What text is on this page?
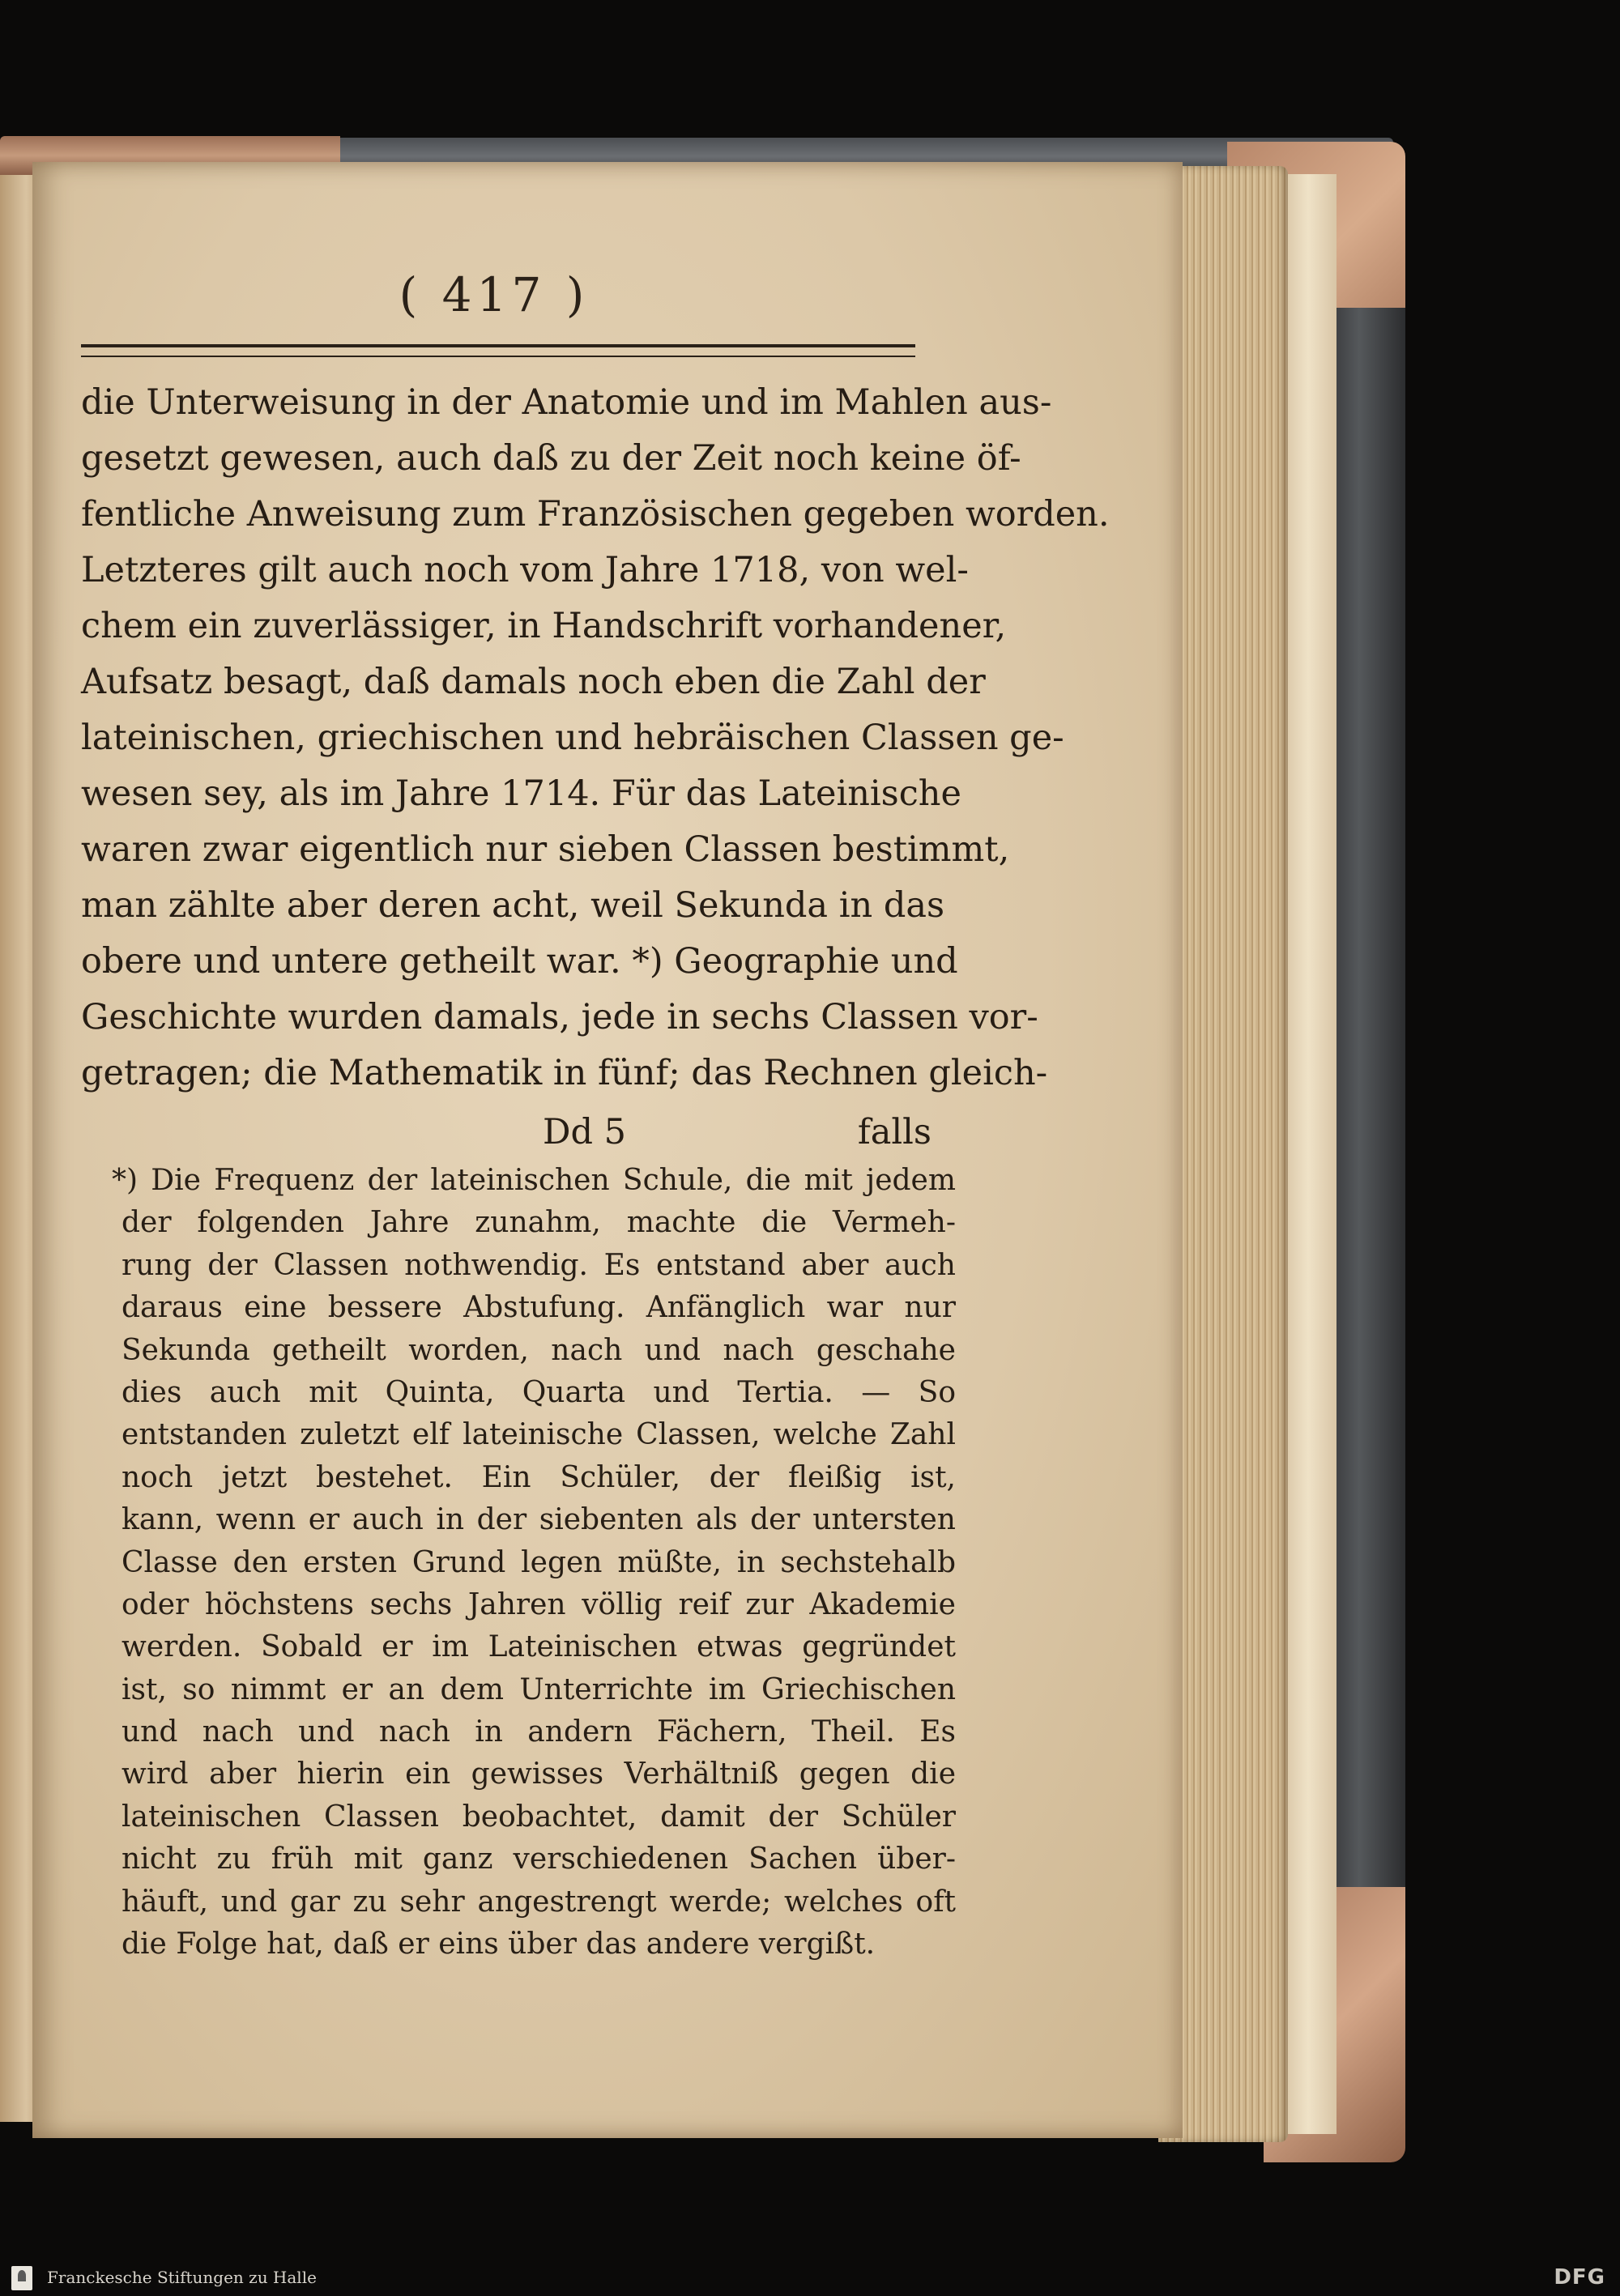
( 417 )
die Unterweisung in der Anatomie und im Mahlen aus-
gesetzt gewesen, auch daß zu der Zeit noch keine öf-
fentliche Anweisung zum Französischen gegeben worden.
Letzteres gilt auch noch vom Jahre 1718, von wel-
chem ein zuverlässiger, in Handschrift vorhandener,
Aufsatz besagt, daß damals noch eben die Zahl der
lateinischen, griechischen und hebräischen Classen ge-
wesen sey, als im Jahre 1714. Für das Lateinische
waren zwar eigentlich nur sieben Classen bestimmt,
man zählte aber deren acht, weil Sekunda in das
obere und untere getheilt war. *) Geographie und
Geschichte wurden damals, jede in sechs Classen vor-
getragen; die Mathematik in fünf; das Rechnen gleich-
Dd 5	falls
*) Die Frequenz der lateinischen Schule, die mit jedem
der folgenden Jahre zunahm, machte die Vermeh-
rung der Classen nothwendig. Es entstand aber auch
daraus eine bessere Abstufung. Anfänglich war nur
Sekunda getheilt worden, nach und nach geschahe
dies auch mit Quinta, Quarta und Tertia. — So
entstanden zuletzt elf lateinische Classen, welche Zahl
noch jetzt bestehet. Ein Schüler, der fleißig ist,
kann, wenn er auch in der siebenten als der untersten
Classe den ersten Grund legen müßte, in sechstehalb
oder höchstens sechs Jahren völlig reif zur Akademie
werden. Sobald er im Lateinischen etwas gegründet
ist, so nimmt er an dem Unterrichte im Griechischen
und nach und nach in andern Fächern, Theil. Es
wird aber hierin ein gewisses Verhältniß gegen die
lateinischen Classen beobachtet, damit der Schüler
nicht zu früh mit ganz verschiedenen Sachen über-
häuft, und gar zu sehr angestrengt werde; welches oft
die Folge hat, daß er eins über das andere vergißt.
Franckesche Stiftungen zu Halle	DFG
